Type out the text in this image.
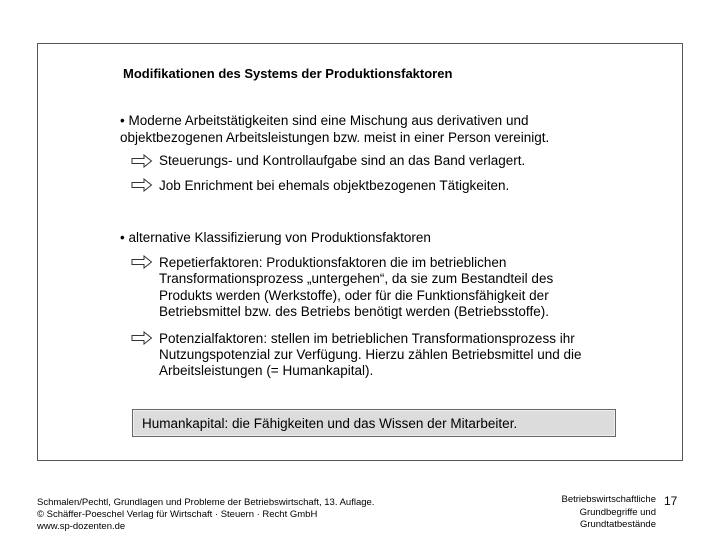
Modifikationen des Systems der Produktionsfaktoren
• Moderne Arbeitstätigkeiten sind eine Mischung aus derivativen und
objektbezogenen Arbeitsleistungen bzw. meist in einer Person vereinigt.
Steuerungs- und Kontrollaufgabe sind an das Band verlagert.
Job Enrichment bei ehemals objektbezogenen Tätigkeiten.
• alternative Klassifizierung von Produktionsfaktoren
Repetierfaktoren: Produktionsfaktoren die im betrieblichen
Transformationsprozess „untergehen“, da sie zum Bestandteil des
Produkts werden (Werkstoffe), oder für die Funktionsfähigkeit der
Betriebsmittel bzw. des Betriebs benötigt werden (Betriebsstoffe).
Potenzialfaktoren: stellen im betrieblichen Transformationsprozess ihr
Nutzungspotenzial zur Verfügung. Hierzu zählen Betriebsmittel und die
Arbeitsleistungen (= Humankapital).
Humankapital: die Fähigkeiten und das Wissen der Mitarbeiter.
Schmalen/Pechtl, Grundlagen und Probleme der Betriebswirtschaft, 13. Auflage.
© Schäffer-Poeschel Verlag für Wirtschaft · Steuern · Recht GmbH
www.sp-dozenten.de
Betriebswirtschaftliche
Grundbegriffe und
Grundtatbestände
17
